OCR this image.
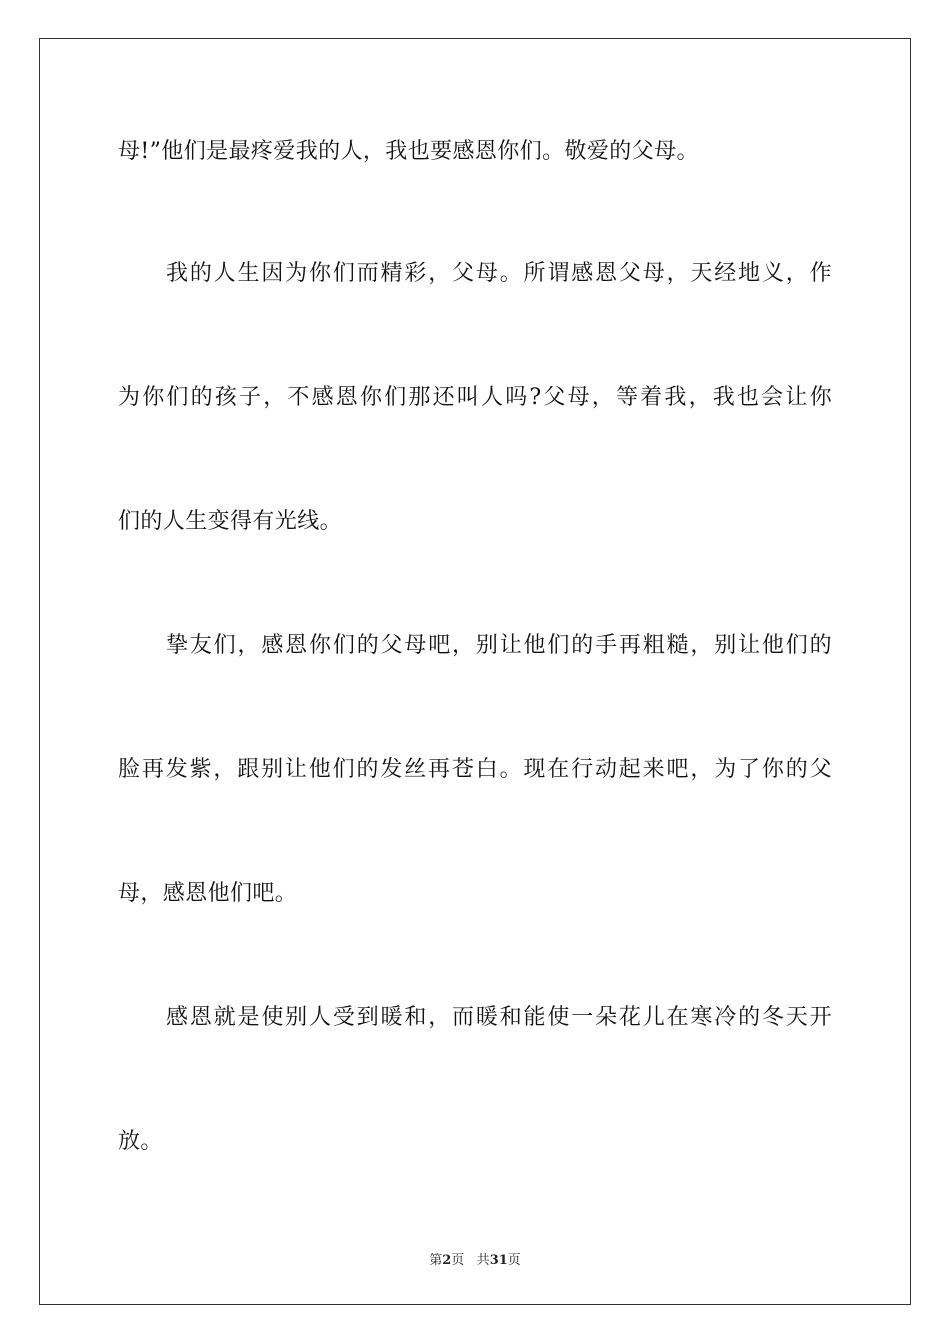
母!”他们是最疼爱我的人，我也要感恩你们。敬爱的父母。
我的人生因为你们而精彩，父母。所谓感恩父母，天经地义，作
为你们的孩子，不感恩你们那还叫人吗?父母，等着我，我也会让你
们的人生变得有光线。
挚友们，感恩你们的父母吧，别让他们的手再粗糙，别让他们的
脸再发紫，跟别让他们的发丝再苍白。现在行动起来吧，为了你的父
母，感恩他们吧。
感恩就是使别人受到暖和，而暖和能使一朵花儿在寒冷的冬天开
放。
第2页 共31页
